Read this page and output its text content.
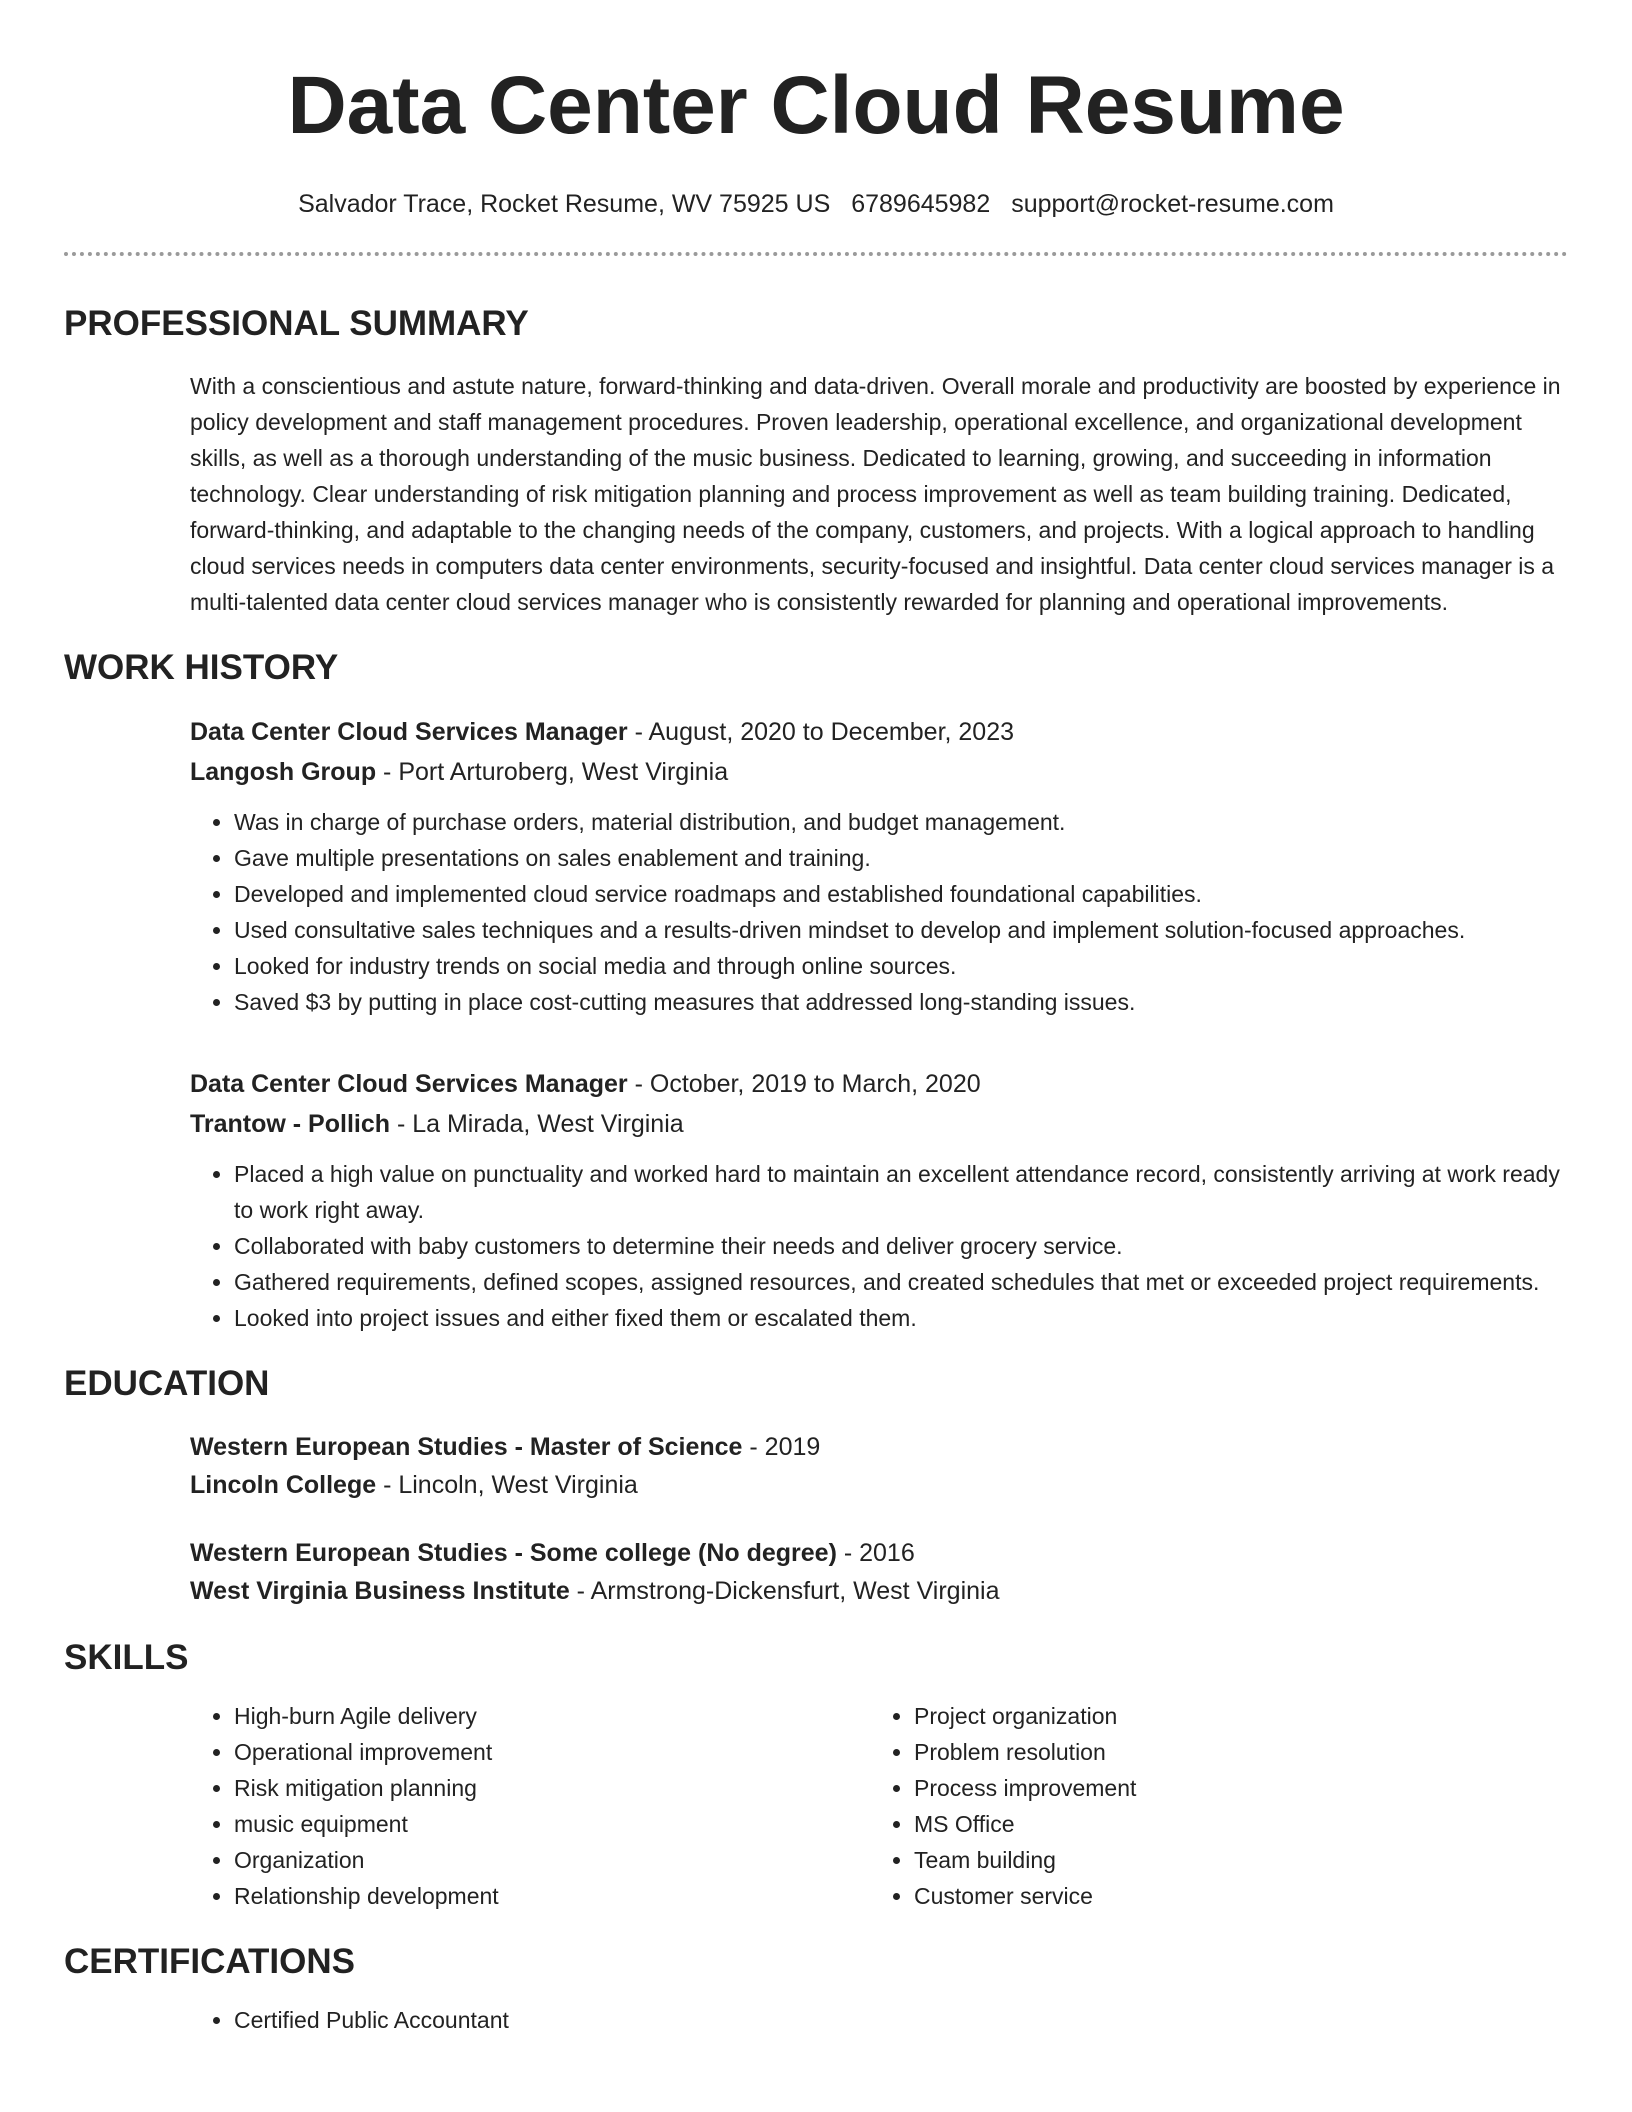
Data Center Cloud Resume
Salvador Trace, Rocket Resume, WV 75925 US 6789645982 support@rocket-resume.com
PROFESSIONAL SUMMARY
With a conscientious and astute nature, forward-thinking and data-driven. Overall morale and productivity are boosted by experience in policy development and staff management procedures. Proven leadership, operational excellence, and organizational development skills, as well as a thorough understanding of the music business. Dedicated to learning, growing, and succeeding in information technology. Clear understanding of risk mitigation planning and process improvement as well as team building training. Dedicated, forward-thinking, and adaptable to the changing needs of the company, customers, and projects. With a logical approach to handling cloud services needs in computers data center environments, security-focused and insightful. Data center cloud services manager is a multi-talented data center cloud services manager who is consistently rewarded for planning and operational improvements.
WORK HISTORY
Data Center Cloud Services Manager - August, 2020 to December, 2023
Langosh Group - Port Arturoberg, West Virginia
• Was in charge of purchase orders, material distribution, and budget management.
• Gave multiple presentations on sales enablement and training.
• Developed and implemented cloud service roadmaps and established foundational capabilities.
• Used consultative sales techniques and a results-driven mindset to develop and implement solution-focused approaches.
• Looked for industry trends on social media and through online sources.
• Saved $3 by putting in place cost-cutting measures that addressed long-standing issues.
Data Center Cloud Services Manager - October, 2019 to March, 2020
Trantow - Pollich - La Mirada, West Virginia
• Placed a high value on punctuality and worked hard to maintain an excellent attendance record, consistently arriving at work ready to work right away.
• Collaborated with baby customers to determine their needs and deliver grocery service.
• Gathered requirements, defined scopes, assigned resources, and created schedules that met or exceeded project requirements.
• Looked into project issues and either fixed them or escalated them.
EDUCATION
Western European Studies - Master of Science - 2019
Lincoln College - Lincoln, West Virginia
Western European Studies - Some college (No degree) - 2016
West Virginia Business Institute - Armstrong-Dickensfurt, West Virginia
SKILLS
• High-burn Agile delivery
• Operational improvement
• Risk mitigation planning
• music equipment
• Organization
• Relationship development
• Project organization
• Problem resolution
• Process improvement
• MS Office
• Team building
• Customer service
CERTIFICATIONS
• Certified Public Accountant
